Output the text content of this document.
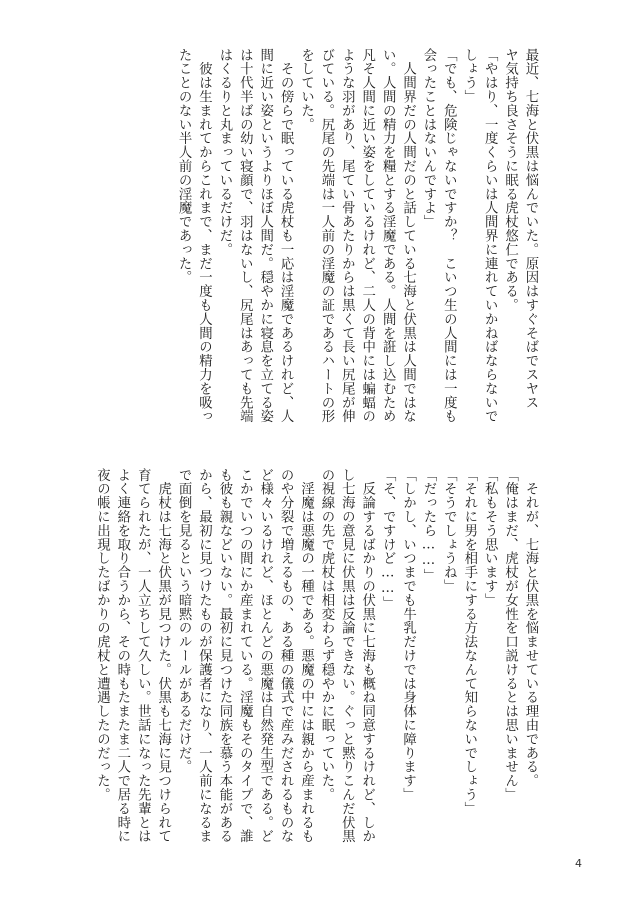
最近、七海と伏黒は悩んでいた。原因はすぐそばでスヤス
ヤ気持ち良さそうに眠る虎杖悠仁である。
「やはり、一度くらいは人間界に連れていかねばならないで
しょう」
「でも、危険じゃないですか？　こいつ生の人間には一度も
会ったことはないんですよ」
　人間界だの人間だのと話している七海と伏黒は人間ではな
い。人間の精力を糧とする淫魔である。人間を誑し込むため
凡そ人間に近い姿をしているけれど、二人の背中には蝙蝠の
ような羽があり、尾てい骨あたりからは黒くて長い尻尾が伸
びている。尻尾の先端は一人前の淫魔の証であるハートの形
をしていた。
　その傍らで眠っている虎杖も一応は淫魔であるけれど、人
間に近い姿というよりほぼ人間だ。穏やかに寝息を立てる姿
は十代半ばの幼い寝顔で、羽はないし、尻尾はあっても先端
はくるりと丸まっているだけだ。
　彼は生まれてからこれまで、まだ一度も人間の精力を吸っ
たことのない半人前の淫魔であった。
　それが、七海と伏黒を悩ませている理由である。
「俺はまだ、虎杖が女性を口説けるとは思いません」
「私もそう思います」
「それに男を相手にする方法なんて知らないでしょう」
「そうでしょうね」
「だったら……」
「しかし、いつまでも牛乳だけでは身体に障ります」
「そ、ですけど……」
　反論するばかりの伏黒に七海も概ね同意するけれど、しか
し七海の意見に伏黒は反論できない。ぐっと黙りこんだ伏黒
の視線の先で虎杖は相変わらず穏やかに眠っていた。
　淫魔は悪魔の一種である。悪魔の中には親から産まれるも
のや分裂で増えるもの、ある種の儀式で産みだされるものな
ど様々いるけれど、ほとんどの悪魔は自然発生型である。ど
こかでいつの間にか産まれている。淫魔もそのタイプで、誰
も彼も親などいない。最初に見つけた同族を慕う本能がある
から、最初に見つけたものが保護者になり、一人前になるま
で面倒を見るという暗黙のルールがあるだけだ。
　虎杖は七海と伏黒が見つけた。伏黒も七海に見つけられて
育てられたが、一人立ちして久しい。世話になった先輩とは
よく連絡を取り合うから、その時もたまたま二人で居る時に
夜の帳に出現したばかりの虎杖と遭遇したのだった。
4
